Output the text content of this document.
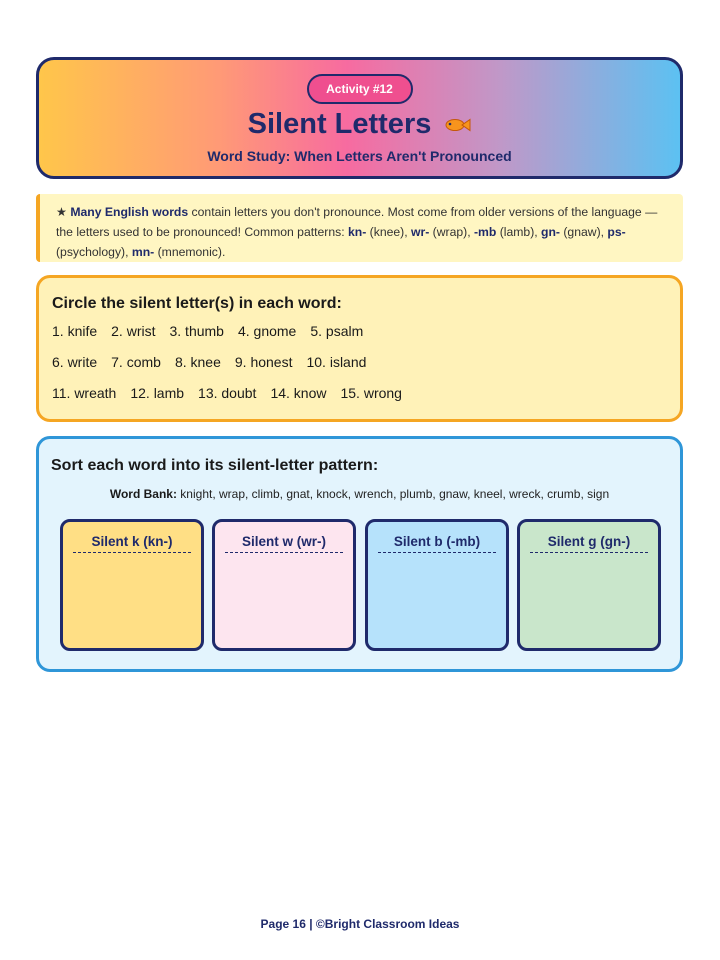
Activity #12
Silent Letters
Word Study: When Letters Aren't Pronounced
★ Many English words contain letters you don't pronounce. Most come from older versions of the language — the letters used to be pronounced! Common patterns: kn- (knee), wr- (wrap), -mb (lamb), gn- (gnaw), ps- (psychology), mn- (mnemonic).
Circle the silent letter(s) in each word:
1. knife 2. wrist 3. thumb 4. gnome 5. psalm
6. write 7. comb 8. knee 9. honest 10. island
11. wreath 12. lamb 13. doubt 14. know 15. wrong
Sort each word into its silent-letter pattern:
Word Bank: knight, wrap, climb, gnat, knock, wrench, plumb, gnaw, kneel, wreck, crumb, sign
Silent k (kn-)	Silent w (wr-)	Silent b (-mb)	Silent g (gn-)
Page 16 | ©Bright Classroom Ideas
